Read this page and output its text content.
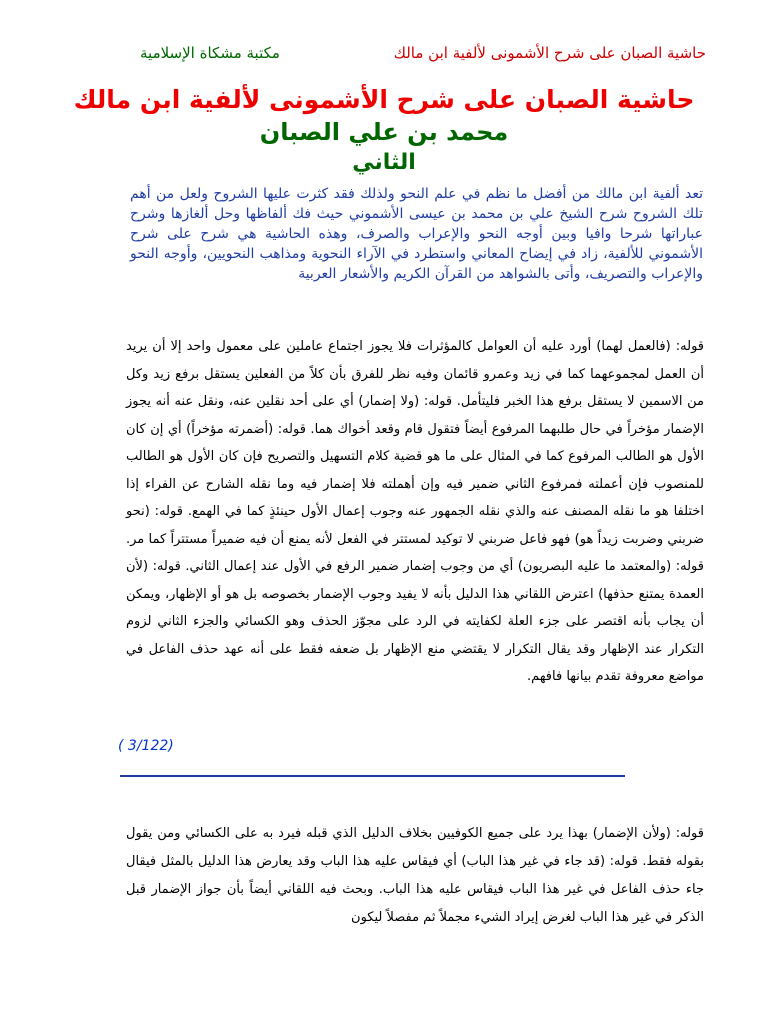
حاشية الصبان على شرح الأشمونى لألفية ابن مالك
مكتبة مشكاة الإسلامية
حاشية الصبان على شرح الأشمونى لألفية ابن مالك
محمد بن علي الصبان
الثاني
تعد ألفية ابن مالك من أفضل ما نظم في علم النحو ولذلك فقد كثرت عليها الشروح ولعل من أهم تلك الشروح شرح الشيخ علي بن محمد بن عيسى الأشموني حيث فك ألفاظها وحل ألغازها وشرح عباراتها شرحا وافيا وبين أوجه النحو والإعراب والصرف، وهذه الحاشية هي شرح على شرح الأشموني للألفية، زاد في إيضاح المعاني واستطرد في الآراء النحوية ومذاهب النحويين، وأوجه النحو والإعراب والتصريف، وأتى بالشواهد من القرآن الكريم والأشعار العربية
قوله: (فالعمل لهما) أورد عليه أن العوامل كالمؤثرات فلا يجوز اجتماع عاملين على معمول واحد إلا أن يريد أن العمل لمجموعهما كما في زيد وعمرو قائمان وفيه نظر للفرق بأن كلاً من الفعلين يستقل برفع زيد وكل من الاسمين لا يستقل برفع هذا الخبر فليتأمل. قوله: (ولا إضمار) أي على أحد نقلين عنه، ونقل عنه أنه يجوز الإضمار مؤخراً في حال طلبهما المرفوع أيضاً فتقول قام وقعد أخواك هما. قوله: (أضمرته مؤخراً) أي إن كان الأول هو الطالب المرفوع كما في المثال على ما هو قضية كلام التسهيل والتصريح فإن كان الأول هو الطالب للمنصوب فإن أعملته فمرفوع الثاني ضمير فيه وإن أهملته فلا إضمار فيه وما نقله الشارح عن الفراء إذا اختلفا هو ما نقله المصنف عنه والذي نقله الجمهور عنه وجوب إعمال الأول حينئذٍ كما في الهمع. قوله: (نحو ضربني وضربت زيداً هو) فهو فاعل ضربني لا توكيد لمستتر في الفعل لأنه يمنع أن فيه ضميراً مستتراً كما مر. قوله: (والمعتمد ما عليه البصريون) أي من وجوب إضمار ضمير الرفع في الأول عند إعمال الثاني. قوله: (لأن العمدة يمتنع حذفها) اعترض اللقاني هذا الدليل بأنه لا يفيد وجوب الإضمار بخصوصه بل هو أو الإظهار، ويمكن أن يجاب بأنه اقتصر على جزء العلة لكفايته في الرد على مجوّز الحذف وهو الكسائي والجزء الثاني لزوم التكرار عند الإظهار وقد يقال التكرار لا يقتضي منع الإظهار بل ضعفه فقط على أنه عهد حذف الفاعل في مواضع معروفة تقدم بيانها فافهم.
( 3/122)
قوله: (ولأن الإضمار) بهذا يرد على جميع الكوفيين بخلاف الدليل الذي قبله فيرد به على الكسائي ومن يقول بقوله فقط. قوله: (قد جاء في غير هذا الباب) أي فيقاس عليه هذا الباب وقد يعارض هذا الدليل بالمثل فيقال جاء حذف الفاعل في غير هذا الباب فيقاس عليه هذا الباب. وبحث فيه اللقاني أيضاً بأن جواز الإضمار قبل الذكر في غير هذا الباب لغرض إيراد الشيء مجملاً ثم مفصلاً ليكون
